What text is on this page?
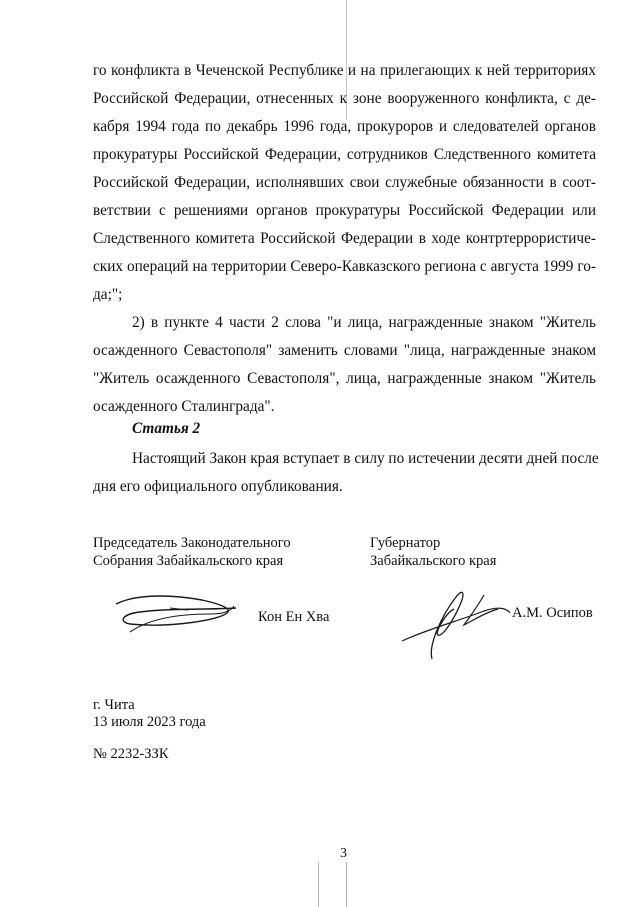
го конфликта в Чеченской Республике и на прилегающих к ней территориях
Российской Федерации, отнесенных к зоне вооруженного конфликта, с де-
кабря 1994 года по декабрь 1996 года, прокуроров и следователей органов
прокуратуры Российской Федерации, сотрудников Следственного комитета
Российской Федерации, исполнявших свои служебные обязанности в соот-
ветствии с решениями органов прокуратуры Российской Федерации или
Следственного комитета Российской Федерации в ходе контртеррористиче-
ских операций на территории Северо-Кавказского региона с августа 1999 го-
да;";
2) в пункте 4 части 2 слова "и лица, награжденные знаком "Житель
осажденного Севастополя" заменить словами "лица, награжденные знаком
"Житель осажденного Севастополя", лица, награжденные знаком "Житель
осажденного Сталинграда".
Статья 2
Настоящий Закон края вступает в силу по истечении десяти дней после
дня его официального опубликования.
Председатель Законодательного
Собрания Забайкальского края
Губернатор
Забайкальского края
Кон Ен Хва	А.М. Осипов
г. Чита
13 июля 2023 года
№ 2232-ЗЗК
3
